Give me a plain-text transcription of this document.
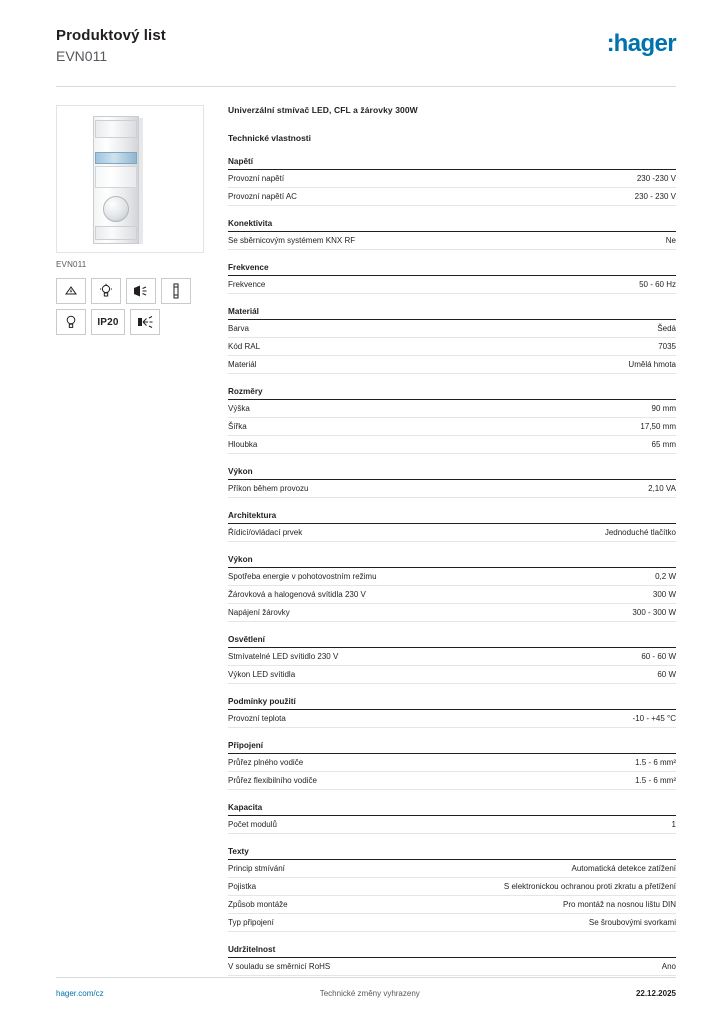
Produktový list
EVN011	:hager
EVN011
IP20
Univerzální stmívač LED, CFL a žárovky 300W
Technické vlastnosti
Napětí
Provozní napětí	230 -230 V
Provozní napětí AC	230 - 230 V
Konektivita
Se sběrnicovým systémem KNX RF	Ne
Frekvence
Frekvence	50 - 60 Hz
Materiál
Barva	Šedá
Kód RAL	7035
Materiál	Umělá hmota
Rozměry
Výška	90 mm
Šířka	17,50 mm
Hloubka	65 mm
Výkon
Příkon během provozu	2,10 VA
Architektura
Řídicí/ovládací prvek	Jednoduché tlačítko
Výkon
Spotřeba energie v pohotovostním režimu	0,2 W
Žárovková a halogenová svítidla 230 V	300 W
Napájení žárovky	300 - 300 W
Osvětlení
Stmívatelné LED svítidlo 230 V	60 - 60 W
Výkon LED svítidla	60 W
Podmínky použití
Provozní teplota	-10 - +45 °C
Připojení
Průřez plného vodiče	1.5 - 6 mm²
Průřez flexibilního vodiče	1.5 - 6 mm²
Kapacita
Počet modulů	1
Texty
Princip stmívání	Automatická detekce zatížení
Pojistka	S elektronickou ochranou proti zkratu a přetížení
Způsob montáže	Pro montáž na nosnou lištu DIN
Typ připojení	Se šroubovými svorkami
Udržitelnost
V souladu se směrnicí RoHS	Ano
hager.com/cz	Technické změny vyhrazeny	22.12.2025
